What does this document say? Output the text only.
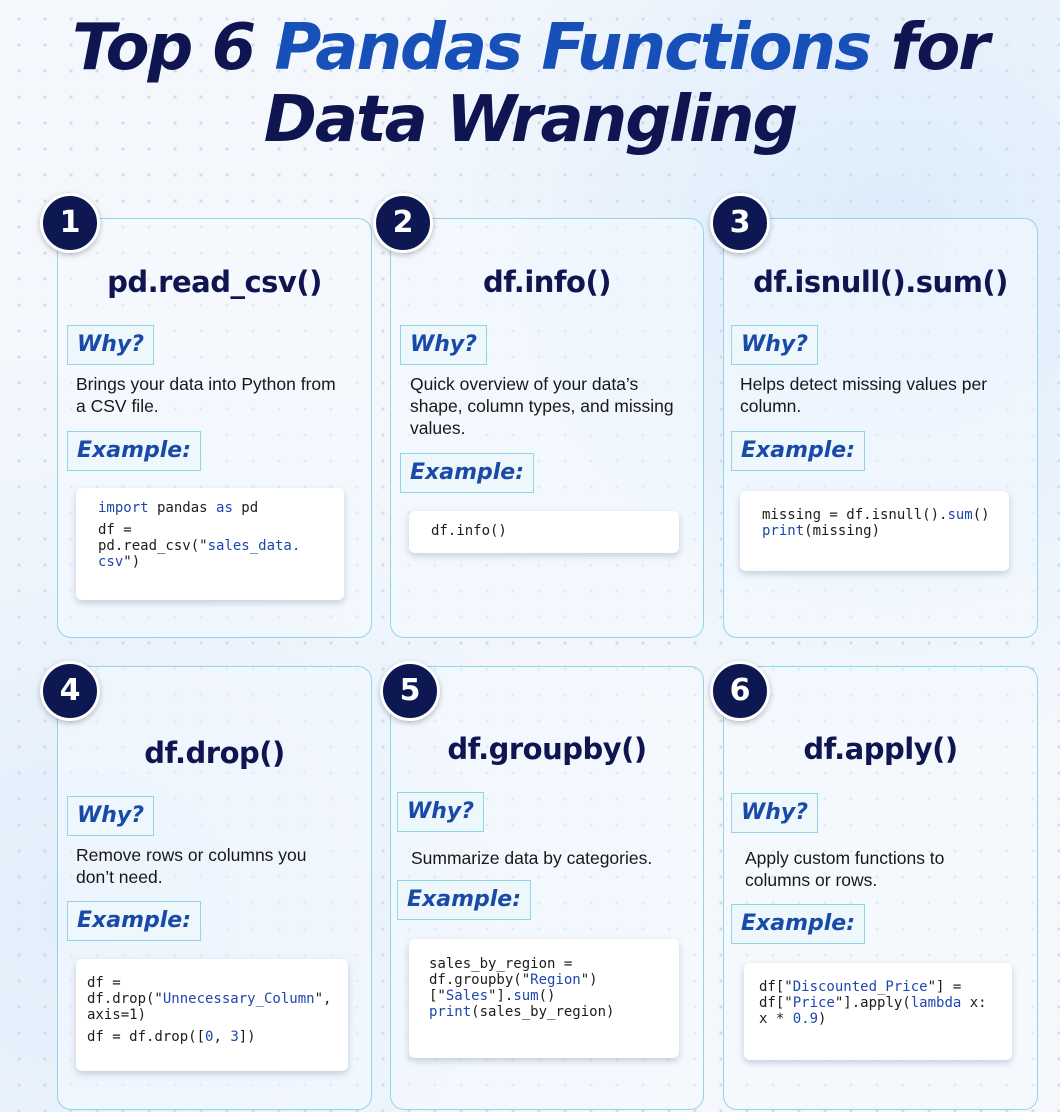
Top 6 Pandas Functions for
Data Wrangling
1
pd.read_csv()
Why?
Brings your data into Python from a CSV file.
Example:
import pandas as pd
df =
pd.read_csv("sales_data.
csv")
2
df.info()
Why?
Quick overview of your data’s shape, column types, and missing values.
Example:
df.info()
3
df.isnull().sum()
Why?
Helps detect missing values per column.
Example:
missing = df.isnull().sum()
print(missing)
4
df.drop()
Why?
Remove rows or columns you don’t need.
Example:
df =
df.drop("Unnecessary_Column",
axis=1)
df = df.drop([0, 3])
5
df.groupby()
Why?
Summarize data by categories.
Example:
sales_by_region =
df.groupby("Region")
["Sales"].sum()
print(sales_by_region)
6
df.apply()
Why?
Apply custom functions to columns or rows.
Example:
df["Discounted_Price"] =
df["Price"].apply(lambda x:
x * 0.9)
